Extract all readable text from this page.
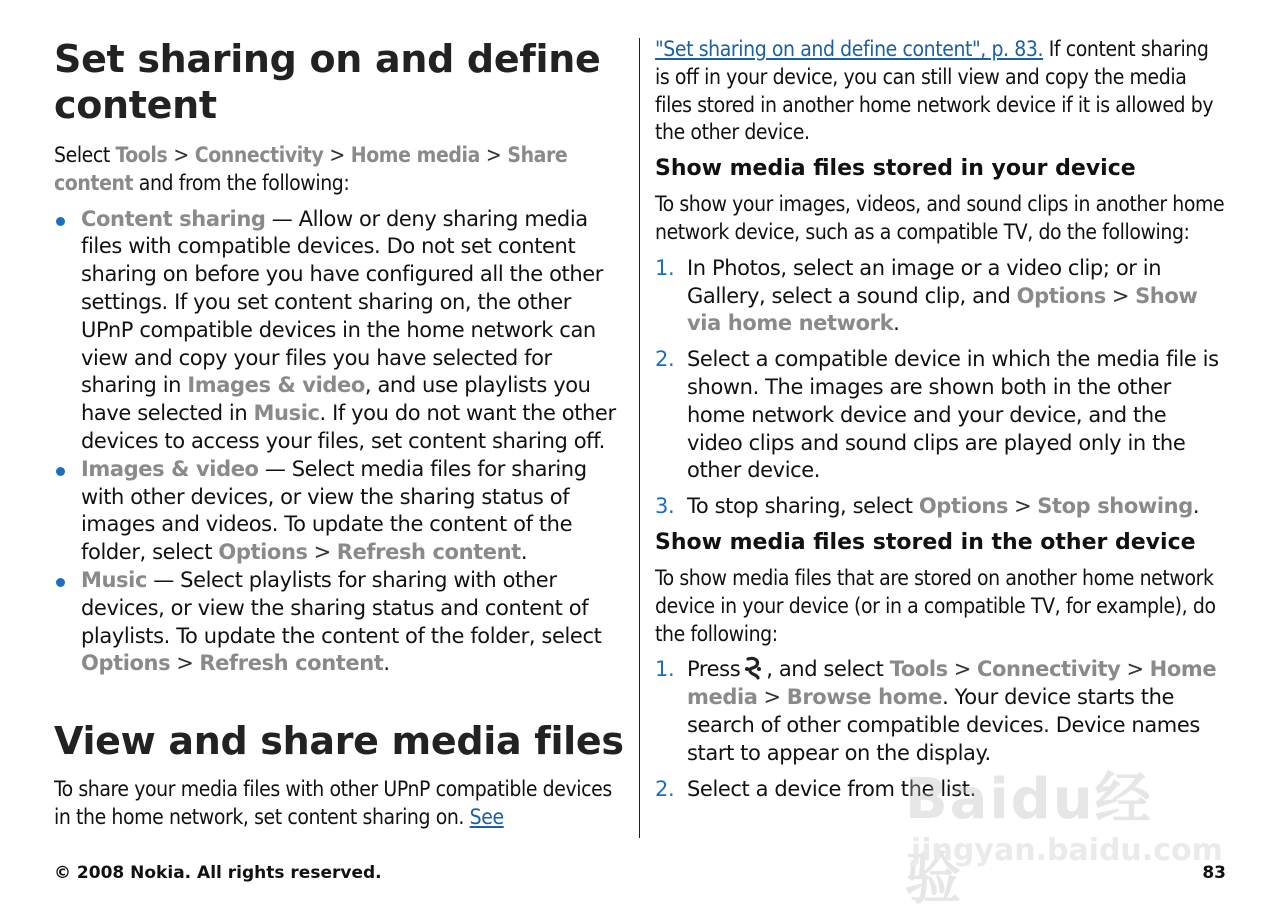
Set sharing on and define content

Select Tools > Connectivity > Home media > Share content and from the following:

Content sharing — Allow or deny sharing media files with compatible devices. Do not set content sharing on before you have configured all the other settings. If you set content sharing on, the other UPnP compatible devices in the home network can view and copy your files you have selected for sharing in Images & video, and use playlists you have selected in Music. If you do not want the other devices to access your files, set content sharing off.
Images & video — Select media files for sharing with other devices, or view the sharing status of images and videos. To update the content of the folder, select Options > Refresh content.
Music — Select playlists for sharing with other devices, or view the sharing status and content of playlists. To update the content of the folder, select Options > Refresh content.
View and share media files

To share your media files with other UPnP compatible devices in the home network, set content sharing on. See

"Set sharing on and define content", p. 83. If content sharing is off in your device, you can still view and copy the media files stored in another home network device if it is allowed by the other device.

Show media files stored in your device

To show your images, videos, and sound clips in another home network device, such as a compatible TV, do the following:

1. In Photos, select an image or a video clip; or in Gallery, select a sound clip, and Options > Show via home network.
2. Select a compatible device in which the media file is shown. The images are shown both in the other home network device and your device, and the video clips and sound clips are played only in the other device.
3. To stop sharing, select Options > Stop showing.
Show media files stored in the other device

To show media files that are stored on another home network device in your device (or in a compatible TV, for example), do the following:

1. Press , and select Tools > Connectivity > Home media > Browse home. Your device starts the search of other compatible devices. Device names start to appear on the display.
2. Select a device from the list.
Baidu经验
jingyan.baidu.com
© 2008 Nokia. All rights reserved.	83
